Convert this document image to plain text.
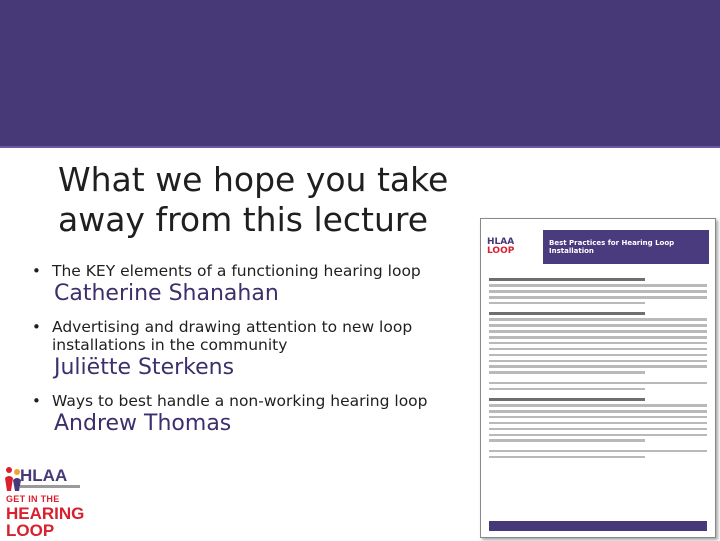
What we hope you take away from this lecture
• The KEY elements of a functioning hearing loop
Catherine Shanahan
• Advertising and drawing attention to new loop installations in the community
Juliëtte Sterkens
• Ways to best handle a non-working hearing loop
Andrew Thomas
HLAA
LOOP
Best Practices for Hearing Loop Installation
HLAA
GET IN THE
HEARING
LOOP
